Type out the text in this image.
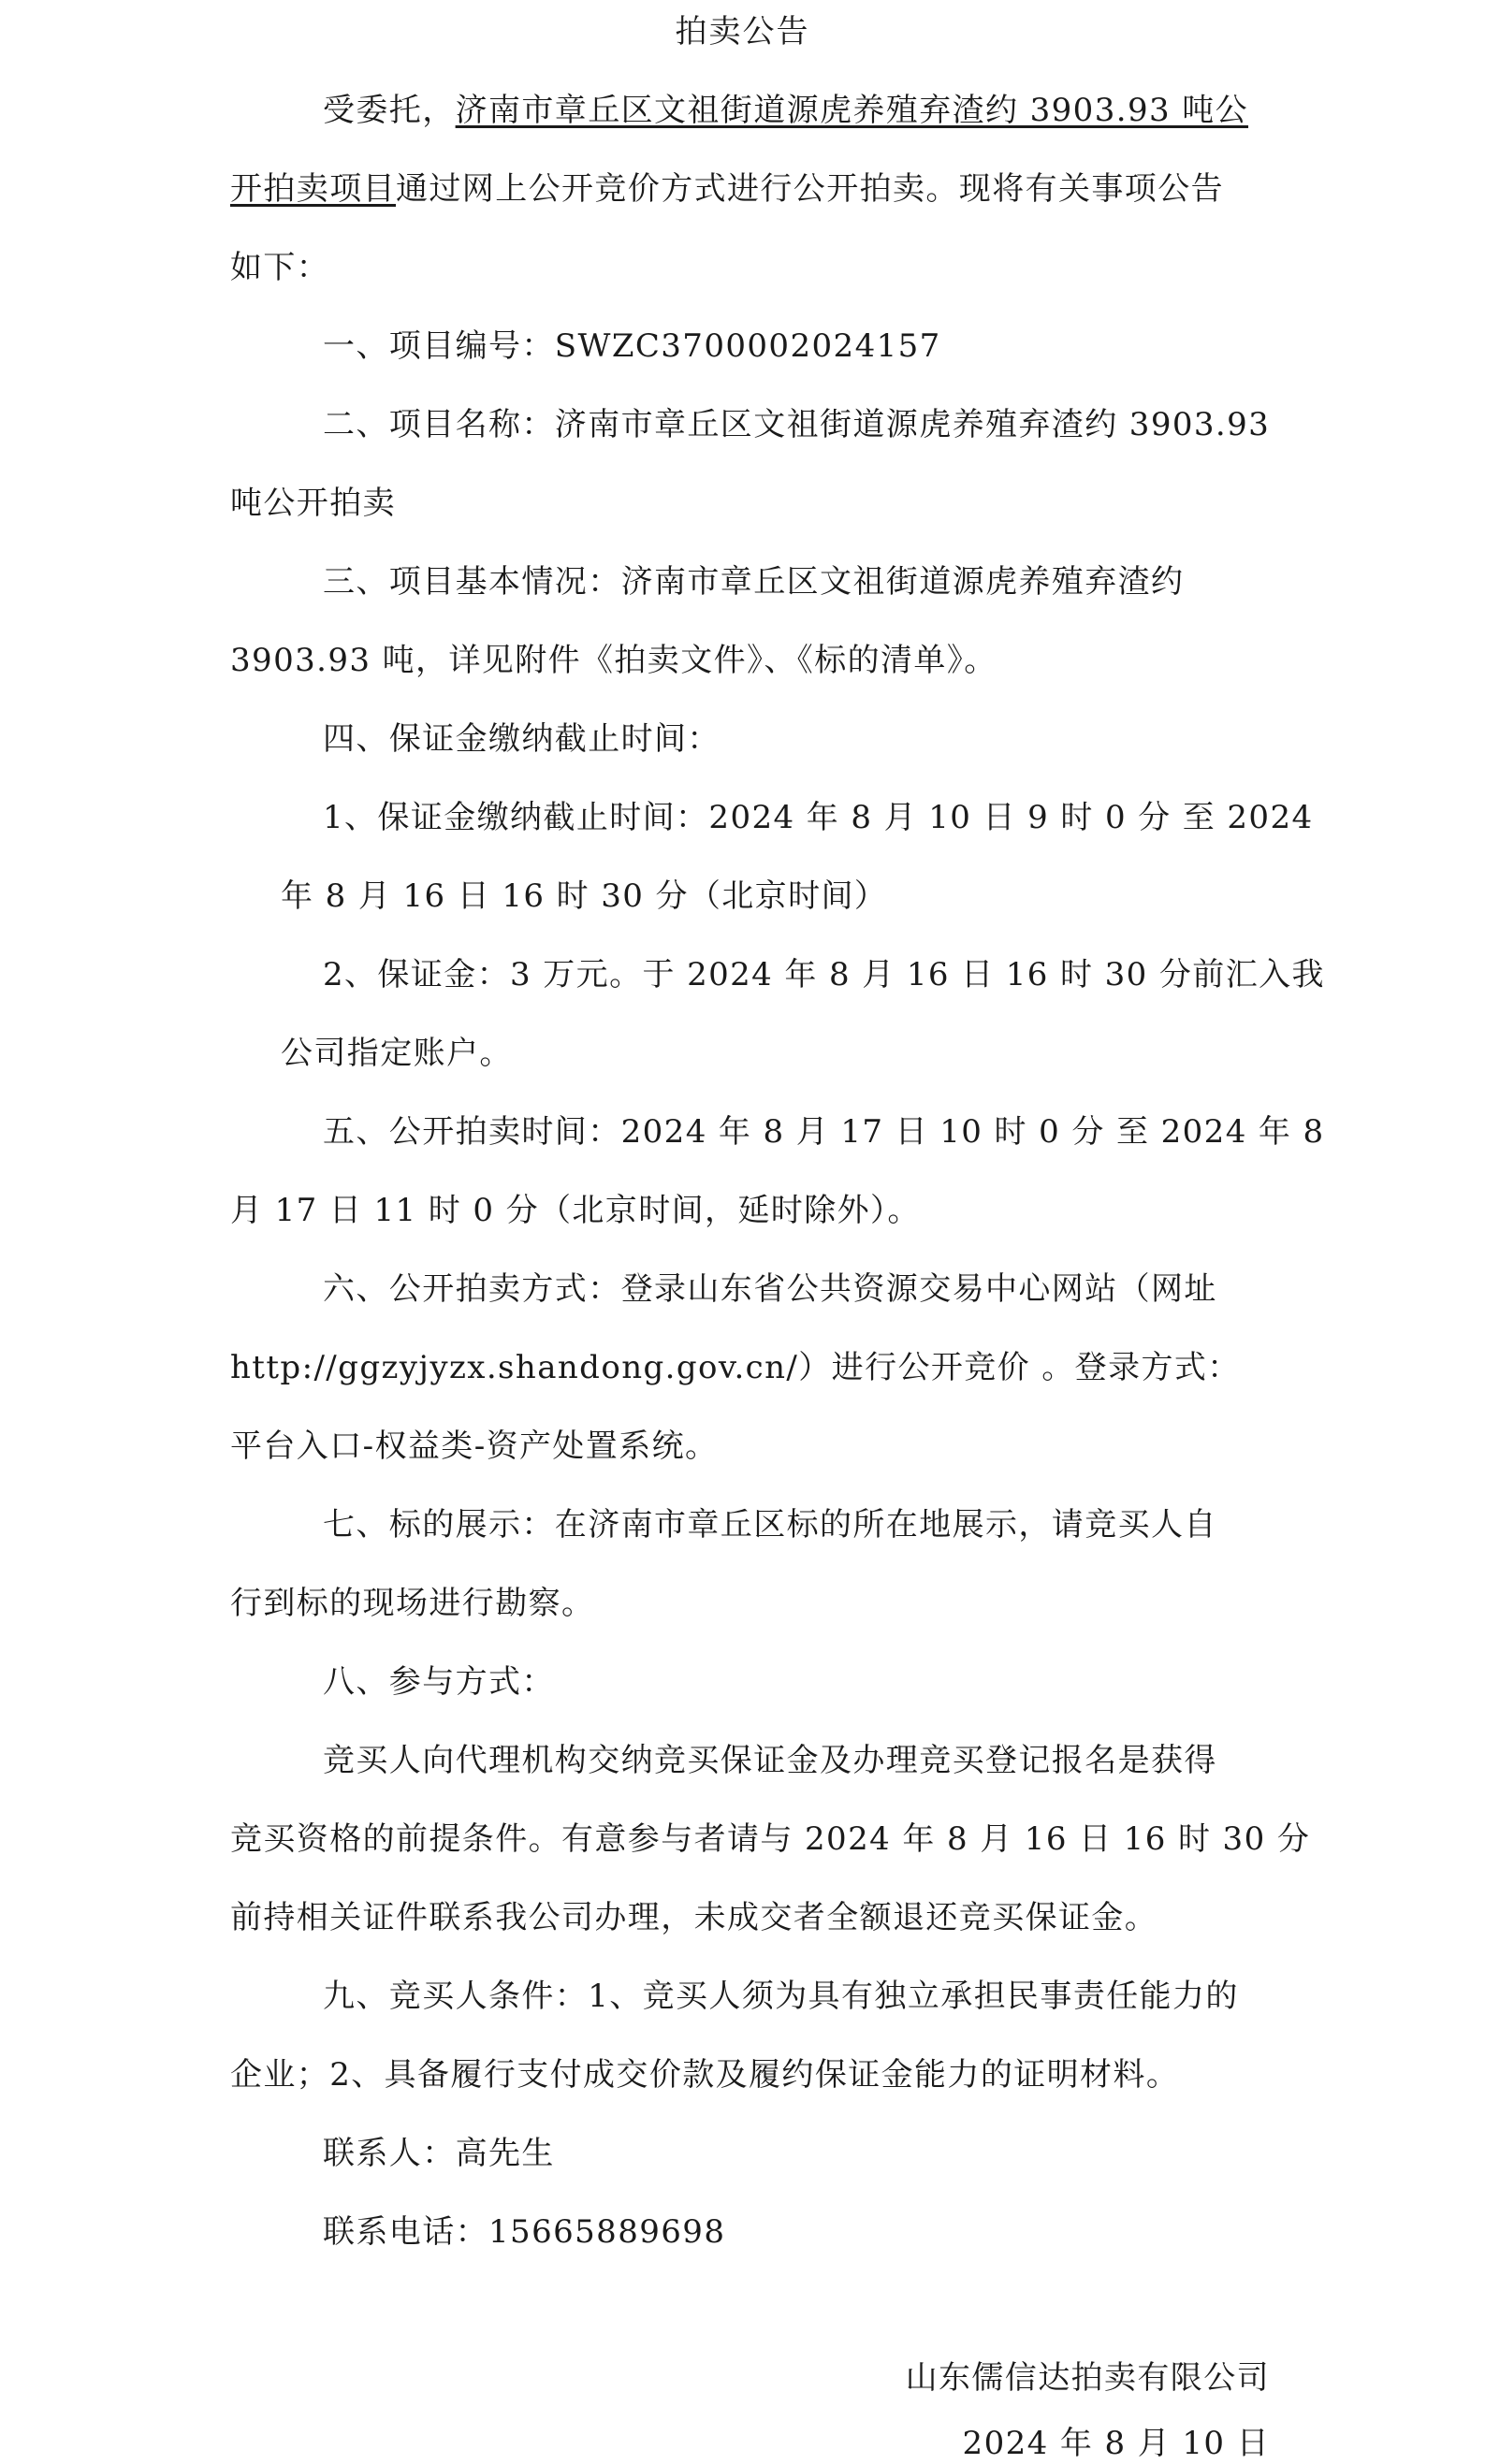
拍卖公告
受委托，济南市章丘区文祖街道源虎养殖弃渣约 3903.93 吨公
开拍卖项目通过网上公开竞价方式进行公开拍卖。现将有关事项公告
如下：
一、项目编号：SWZC3700002024157
二、项目名称：济南市章丘区文祖街道源虎养殖弃渣约 3903.93
吨公开拍卖
三、项目基本情况：济南市章丘区文祖街道源虎养殖弃渣约
3903.93 吨，详见附件《拍卖文件》、《标的清单》。
四、保证金缴纳截止时间：
1、保证金缴纳截止时间：2024 年 8 月 10 日 9 时 0 分 至 2024
年 8 月 16 日 16 时 30 分（北京时间）
2、保证金：3 万元。于 2024 年 8 月 16 日 16 时 30 分前汇入我
公司指定账户。
五、公开拍卖时间：2024 年 8 月 17 日 10 时 0 分 至 2024 年 8
月 17 日 11 时 0 分（北京时间，延时除外）。
六、公开拍卖方式：登录山东省公共资源交易中心网站（网址
http://ggzyjyzx.shandong.gov.cn/）进行公开竞价 。登录方式：
平台入口-权益类-资产处置系统。
七、标的展示：在济南市章丘区标的所在地展示，请竞买人自
行到标的现场进行勘察。
八、参与方式：
竞买人向代理机构交纳竞买保证金及办理竞买登记报名是获得
竞买资格的前提条件。有意参与者请与 2024 年 8 月 16 日 16 时 30 分
前持相关证件联系我公司办理，未成交者全额退还竞买保证金。
九、竞买人条件：1、竞买人须为具有独立承担民事责任能力的
企业；2、具备履行支付成交价款及履约保证金能力的证明材料。
联系人：高先生
联系电话：15665889698
山东儒信达拍卖有限公司
2024 年 8 月 10 日
